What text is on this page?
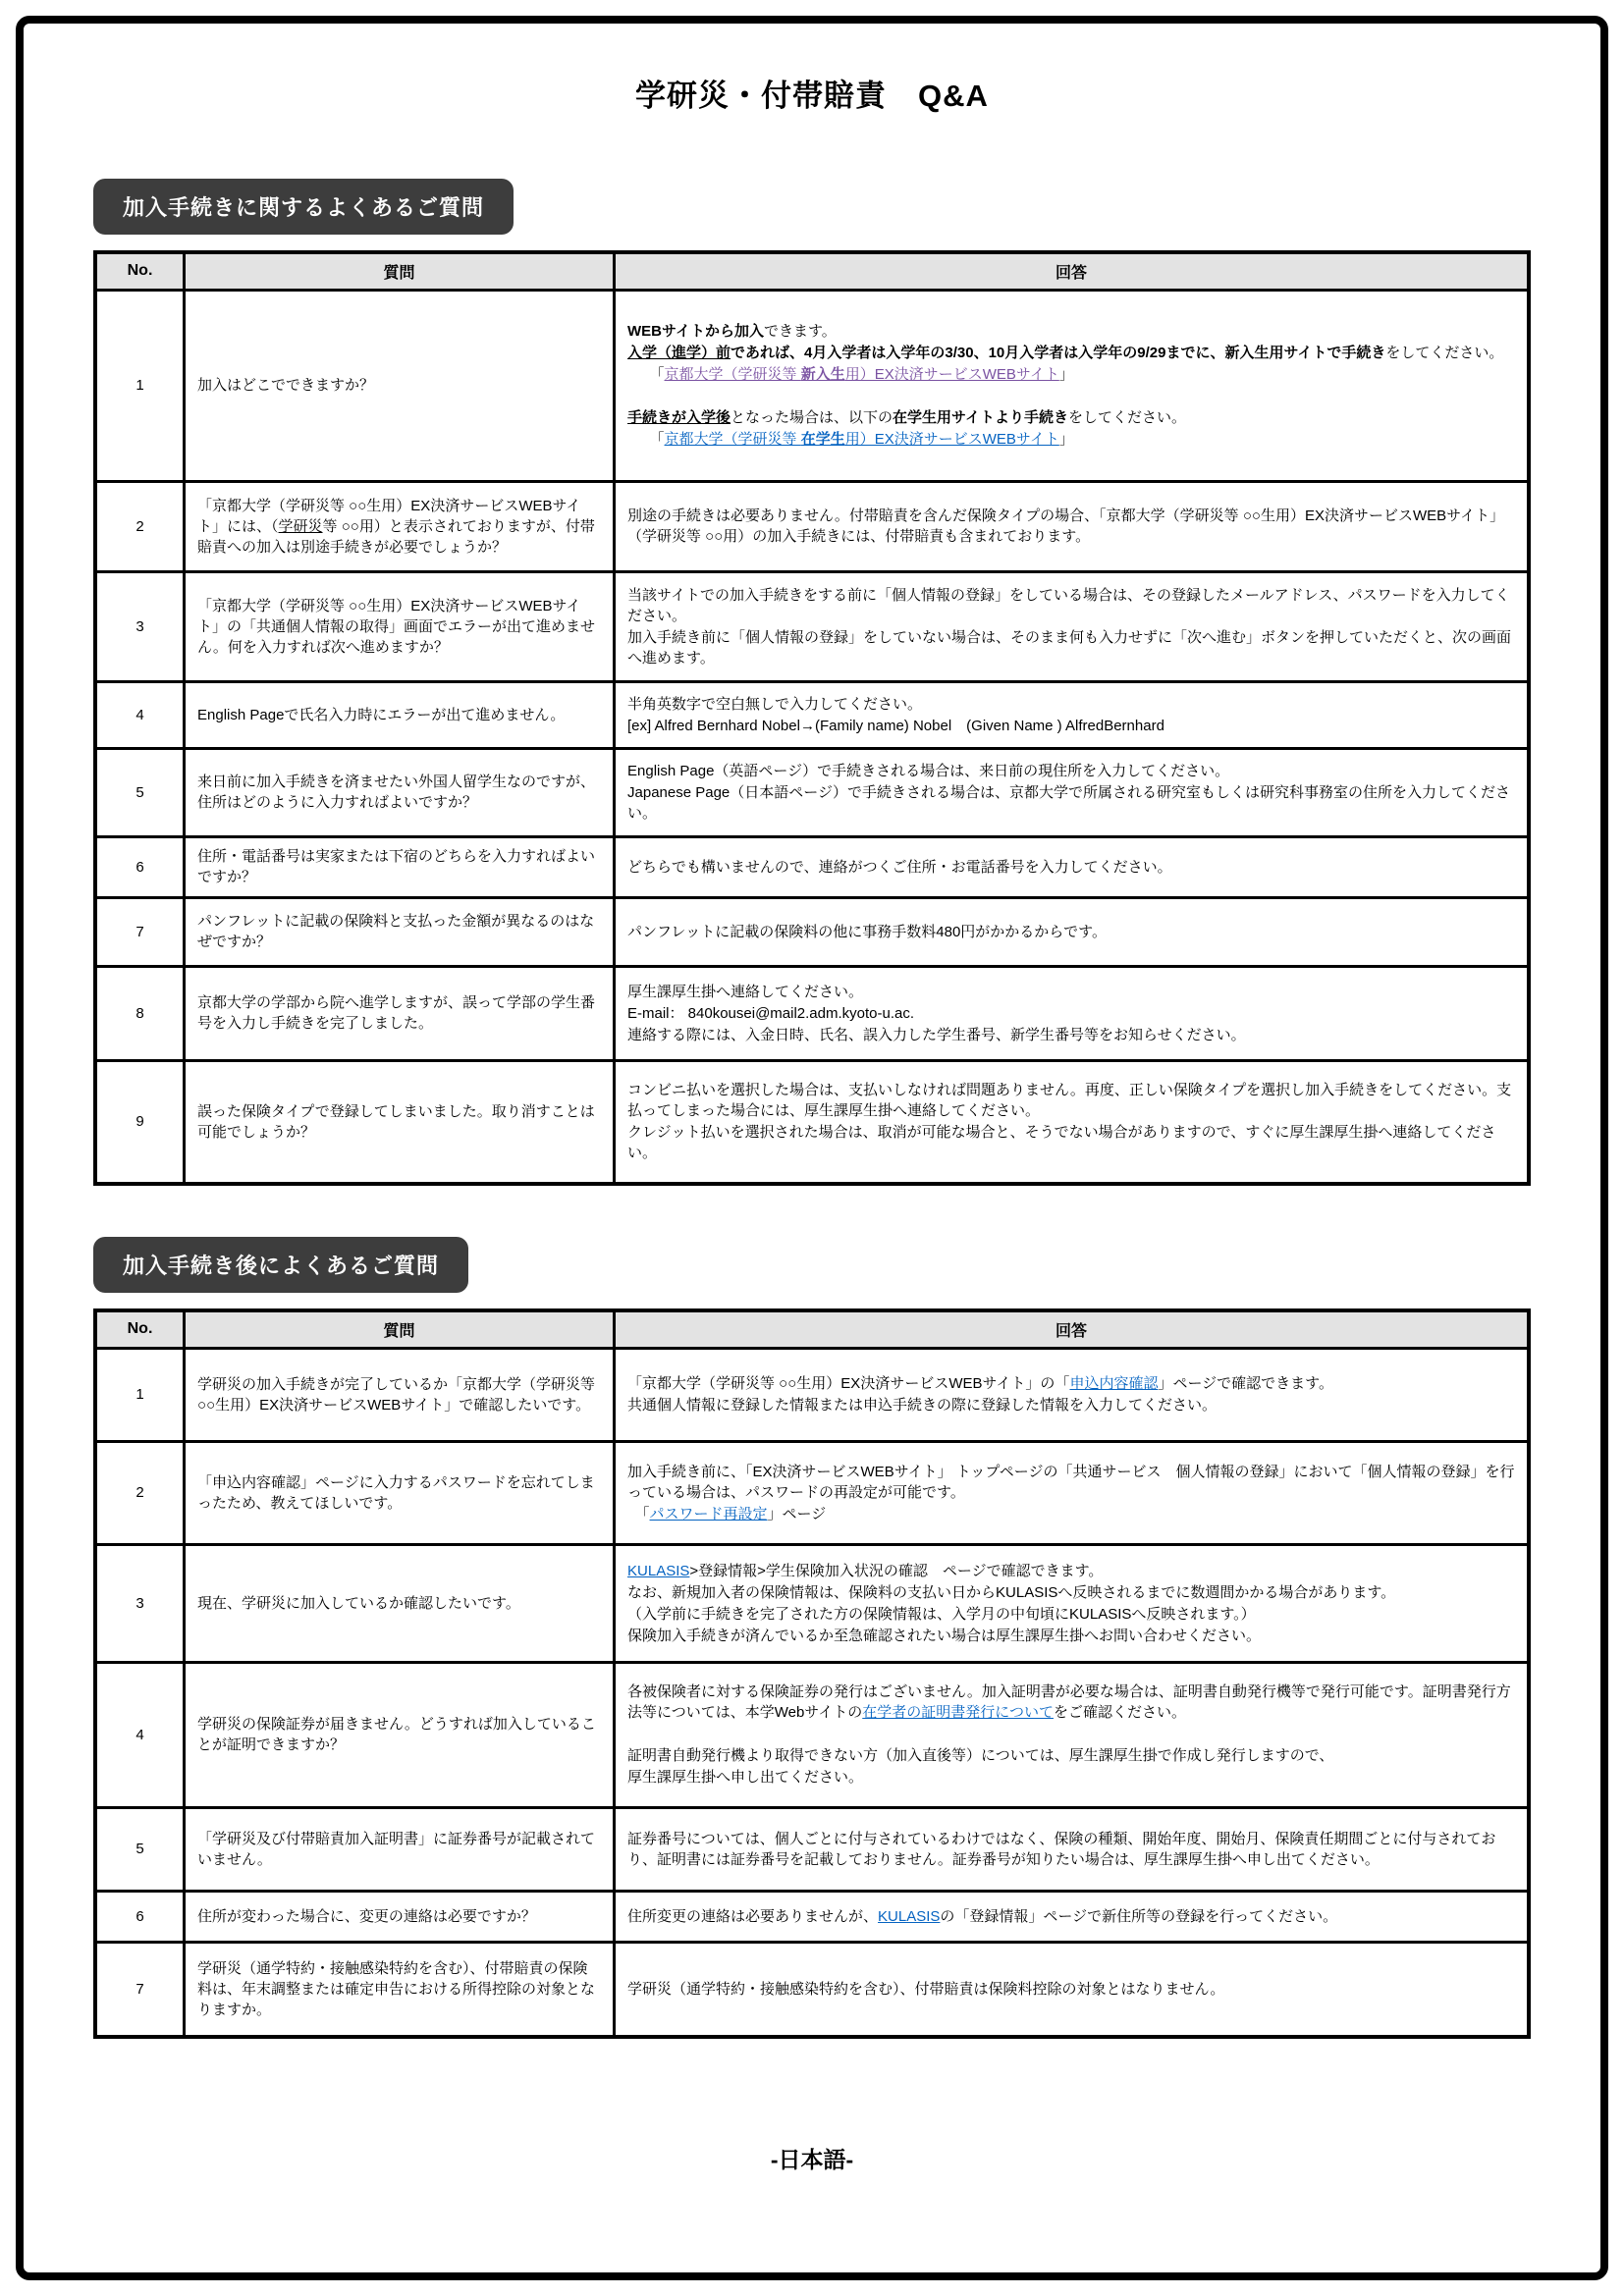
学研災・付帯賠責　Q&A
加入手続きに関するよくあるご質問
No.	質問	回答
1	加入はどこでできますか？	WEBサイトから加入できます。
入学（進学）前であれば、4月入学者は入学年の3/30、10月入学者は入学年の9/29までに、新入生用サイトで手続きをしてください。
　　「京都大学（学研災等 新入生用）EX決済サービスWEBサイト」

手続きが入学後となった場合は、以下の在学生用サイトより手続きをしてください。
　　「京都大学（学研災等 在学生用）EX決済サービスWEBサイト」

2	「京都大学（学研災等 ○○生用）EX決済サービスWEBサイト」には、（学研災等 ○○用）と表示されておりますが、付帯賠責への加入は別途手続きが必要でしょうか？	別途の手続きは必要ありません。付帯賠責を含んだ保険タイプの場合、「京都大学（学研災等 ○○生用）EX決済サービスWEBサイト」（学研災等 ○○用）の加入手続きには、付帯賠責も含まれております。

3	「京都大学（学研災等 ○○生用）EX決済サービスWEBサイト」の「共通個人情報の取得」画面でエラーが出て進めません。何を入力すれば次へ進めますか？	当該サイトでの加入手続きをする前に「個人情報の登録」をしている場合は、その登録したメールアドレス、パスワードを入力してください。
加入手続き前に「個人情報の登録」をしていない場合は、そのまま何も入力せずに「次へ進む」ボタンを押していただくと、次の画面へ進めます。

4	English Pageで氏名入力時にエラーが出て進めません。	半角英数字で空白無しで入力してください。
[ex] Alfred Bernhard Nobel→(Family name) Nobel　(Given Name ) AlfredBernhard

5	来日前に加入手続きを済ませたい外国人留学生なのですが、住所はどのように入力すればよいですか？	English Page（英語ページ）で手続きされる場合は、来日前の現住所を入力してください。
Japanese Page（日本語ページ）で手続きされる場合は、京都大学で所属される研究室もしくは研究科事務室の住所を入力してください。

6	住所・電話番号は実家または下宿のどちらを入力すればよいですか？	どちらでも構いませんので、連絡がつくご住所・お電話番号を入力してください。

7	パンフレットに記載の保険料と支払った金額が異なるのはなぜですか？	パンフレットに記載の保険料の他に事務手数料480円がかかるからです。

8	京都大学の学部から院へ進学しますが、誤って学部の学生番号を入力し手続きを完了しました。	厚生課厚生掛へ連絡してください。
E-mail： 840kousei@mail2.adm.kyoto-u.ac.
連絡する際には、入金日時、氏名、誤入力した学生番号、新学生番号等をお知らせください。

9	誤った保険タイプで登録してしまいました。取り消すことは可能でしょうか？	コンビニ払いを選択した場合は、支払いしなければ問題ありません。再度、正しい保険タイプを選択し加入手続きをしてください。支払ってしまった場合には、厚生課厚生掛へ連絡してください。
クレジット払いを選択された場合は、取消が可能な場合と、そうでない場合がありますので、すぐに厚生課厚生掛へ連絡してください。
加入手続き後によくあるご質問
No.	質問	回答
1	学研災の加入手続きが完了しているか「京都大学（学研災等 ○○生用）EX決済サービスWEBサイト」で確認したいです。	「京都大学（学研災等 ○○生用）EX決済サービスWEBサイト」の「申込内容確認」ページで確認できます。
共通個人情報に登録した情報または申込手続きの際に登録した情報を入力してください。

2	「申込内容確認」ページに入力するパスワードを忘れてしまったため、教えてほしいです。	加入手続き前に、「EX決済サービスWEBサイト」 トップページの「共通サービス　個人情報の登録」において「個人情報の登録」を行っている場合は、パスワードの再設定が可能です。
　「パスワード再設定」ページ

3	現在、学研災に加入しているか確認したいです。	KULASIS>登録情報>学生保険加入状況の確認　ページで確認できます。
なお、新規加入者の保険情報は、保険料の支払い日からKULASISへ反映されるまでに数週間かかる場合があります。
（入学前に手続きを完了された方の保険情報は、入学月の中旬頃にKULASISへ反映されます。）
保険加入手続きが済んでいるか至急確認されたい場合は厚生課厚生掛へお問い合わせください。

4	学研災の保険証券が届きません。どうすれば加入していることが証明できますか？	各被保険者に対する保険証券の発行はございません。加入証明書が必要な場合は、証明書自動発行機等で発行可能です。証明書発行方法等については、本学Webサイトの在学者の証明書発行についてをご確認ください。

証明書自動発行機より取得できない方（加入直後等）については、厚生課厚生掛で作成し発行しますので、
厚生課厚生掛へ申し出てください。

5	「学研災及び付帯賠責加入証明書」に証券番号が記載されていません。	証券番号については、個人ごとに付与されているわけではなく、保険の種類、開始年度、開始月、保険責任期間ごとに付与されており、証明書には証券番号を記載しておりません。証券番号が知りたい場合は、厚生課厚生掛へ申し出てください。

6	住所が変わった場合に、変更の連絡は必要ですか？	住所変更の連絡は必要ありませんが、KULASISの「登録情報」ページで新住所等の登録を行ってください。

7	学研災（通学特約・接触感染特約を含む）、付帯賠責の保険料は、年末調整または確定申告における所得控除の対象となりますか。	学研災（通学特約・接触感染特約を含む）、付帯賠責は保険料控除の対象とはなりません。
-日本語-
